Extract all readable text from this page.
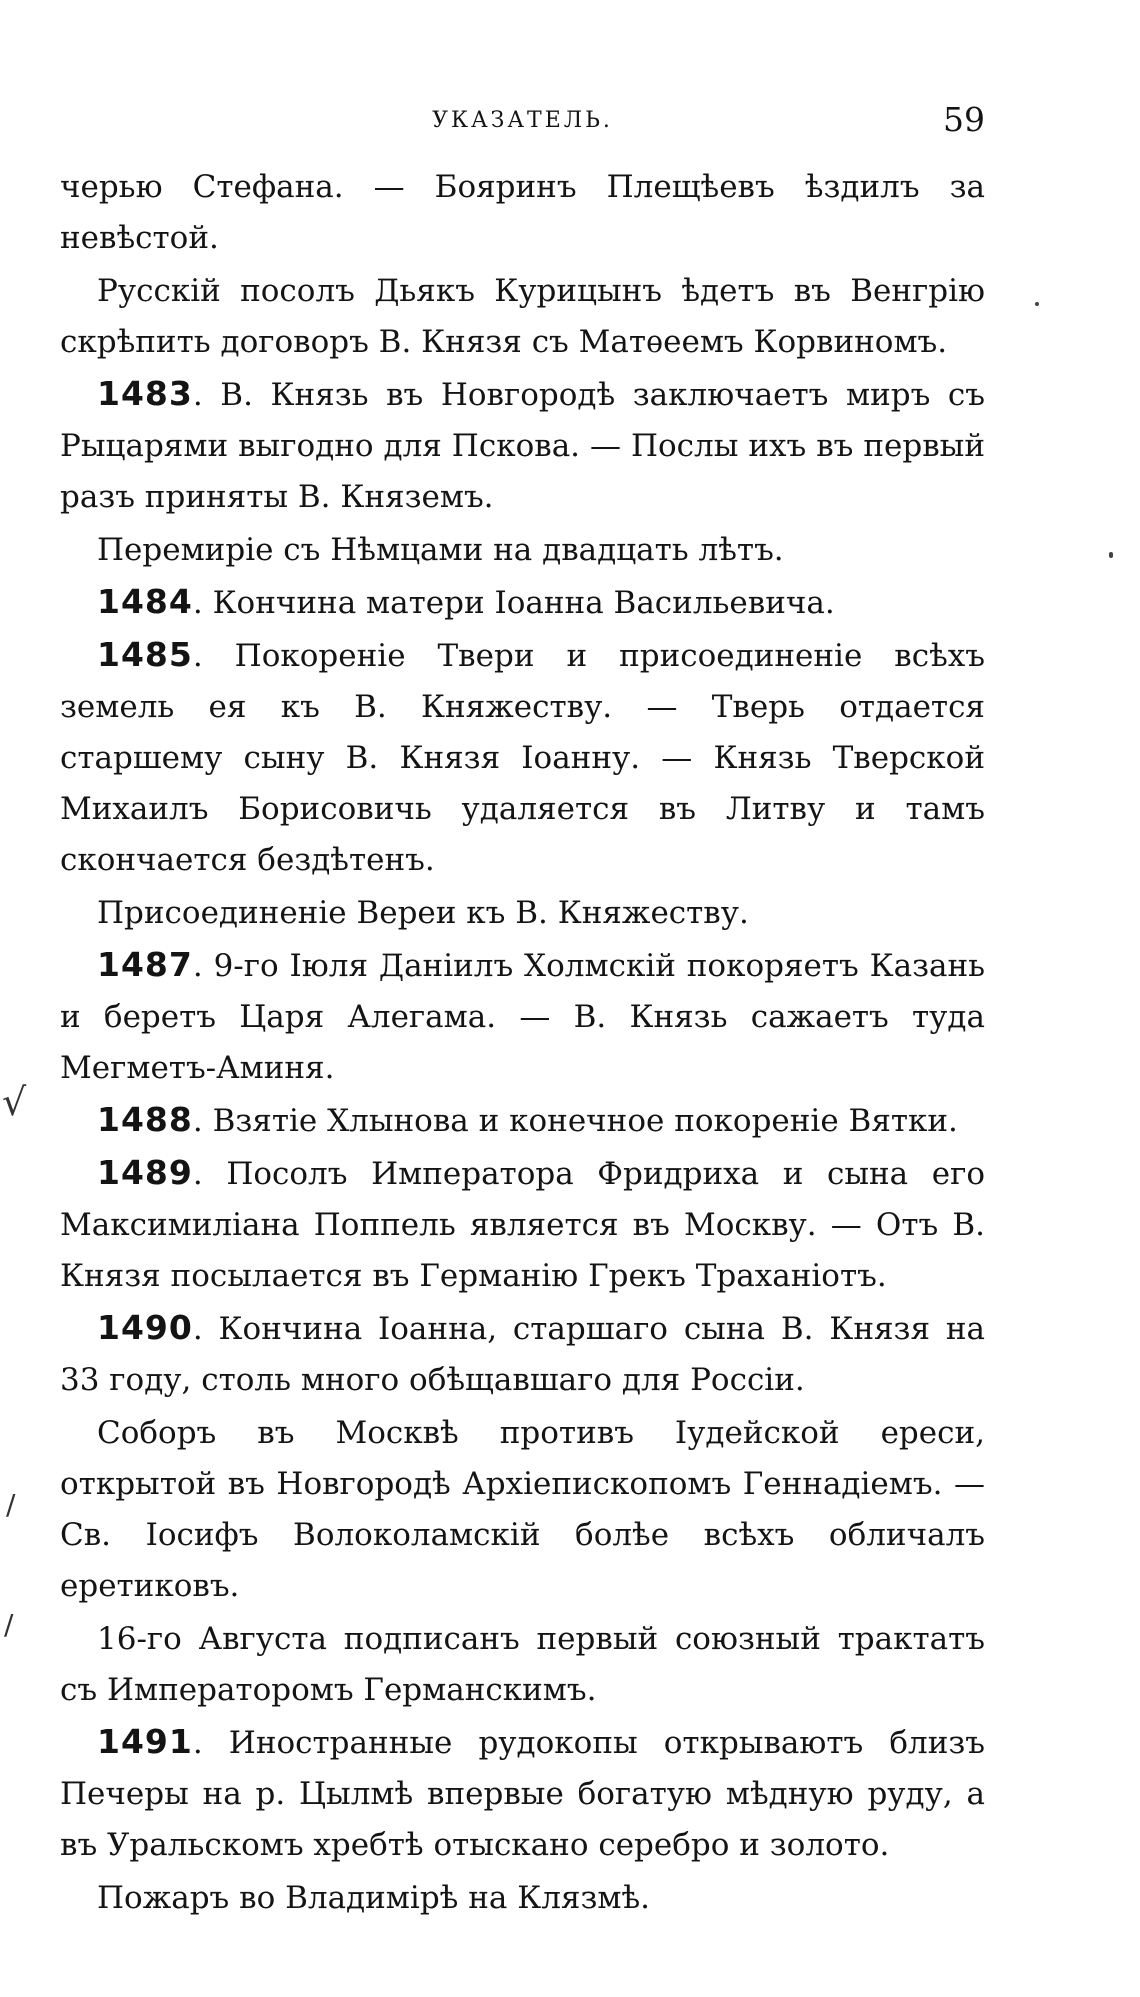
УКАЗАТЕЛЬ.	59

черью Стефана. — Бояринъ Плещѣевъ ѣздилъ за невѣстой.

Русскій посолъ Дьякъ Курицынъ ѣдетъ въ Венгрію скрѣпить договоръ В. Князя съ Матѳеемъ Корвиномъ.

1483. В. Князь въ Новгородѣ заключаетъ миръ съ Рыцарями выгодно для Пскова. — Послы ихъ въ первый разъ приняты В. Княземъ.

Перемиріе съ Нѣмцами на двадцать лѣтъ.

1484. Кончина матери Іоанна Васильевича.

1485. Покореніе Твери и присоединеніе всѣхъ земель ея къ В. Княжеству. — Тверь отдается старшему сыну В. Князя Іоанну. — Князь Тверской Михаилъ Борисовичь удаляется въ Литву и тамъ скончается бездѣтенъ.

Присоединеніе Вереи къ В. Княжеству.

1487. 9-го Іюля Даніилъ Холмскій покоряетъ Казань и беретъ Царя Алегама. — В. Князь сажаетъ туда Мегметъ-Аминя.

1488. Взятіе Хлынова и конечное покореніе Вятки.

1489. Посолъ Императора Фридриха и сына его Максимиліана Поппель является въ Москву. — Отъ В. Князя посылается въ Германію Грекъ Траханіотъ.

1490. Кончина Іоанна, старшаго сына В. Князя на 33 году, столь много обѣщавшаго для Россіи.

Соборъ въ Москвѣ противъ Іудейской ереси, открытой въ Новгородѣ Архіепископомъ Геннадіемъ. — Св. Іосифъ Волоколамскій болѣе всѣхъ обличалъ еретиковъ.

16-го Августа подписанъ первый союзный трактатъ съ Императоромъ Германскимъ.

1491. Иностранные рудокопы открываютъ близъ Печеры на р. Цылмѣ впервые богатую мѣдную руду, а въ Уральскомъ хребтѣ отыскано серебро и золото.

Пожаръ во Владимірѣ на Клязмѣ.

√
/
/
